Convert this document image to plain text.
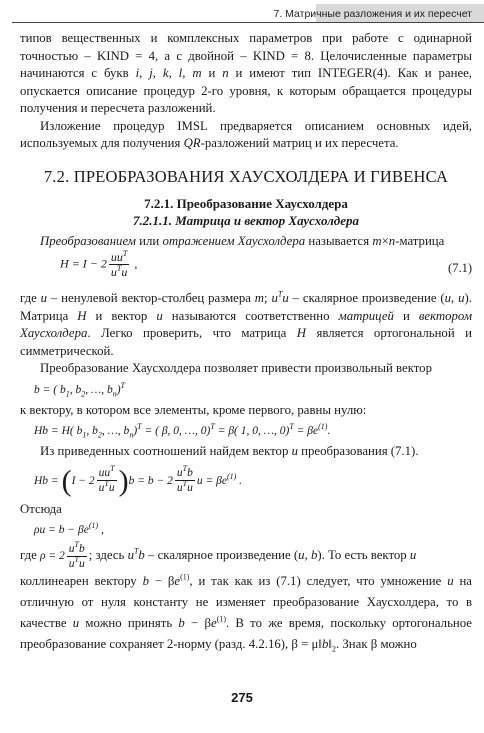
7. Матричные разложения и их пересчет

типов вещественных и комплексных параметров при работе с одинарной точностью – KIND = 4, а с двойной – KIND = 8. Целочисленные параметры начинаются с букв i, j, k, l, m и n и имеют тип INTEGER(4). Как и ранее, опускается описание процедур 2-го уровня, к которым обращается процедуры получения и пересчета разложений.

Изложение процедур IMSL предваряется описанием основных идей, используемых для получения QR-разложений матриц и их пересчета.

7.2. ПРЕОБРАЗОВАНИЯ ХАУСХОЛДЕРА И ГИВЕНСА
7.2.1. Преобразование Хаусхолдера
7.2.1.1. Матрица и вектор Хаусхолдера

Преобразованием или отражением Хаусхолдера называется m×n-матрица

$H = I - 2 \frac{uu^T}{u^Tu}$ ,	(7.1)

где u – ненулевой вектор-столбец размера m; $u^Tu$ – скалярное произведение (u, u). Матрица H и вектор u называются соответственно матрицей и вектором Хаусхолдера. Легко проверить, что матрица H является ортогональной и симметрической.

Преобразование Хаусхолдера позволяет привести произвольный вектор

b = ( $b_1$, $b_2$, …, $b_n)^T$

к вектору, в котором все элементы, кроме первого, равны нулю:

Hb = H( $b_1$, $b_2$, …, $b_n)^T$ = ( β, 0, …, 0)$^T$ = β( 1, 0, …, $0)^T = \beta e^{(1)}$.

Из приведенных соотношений найдем вектор u преобразования (7.1).

$Hb = (I - 2 \frac{uu^T}{u^Tu} )b = b - 2 \frac{u^Tb}{u^Tu}$ $u = \beta e^{(1)}$ .

Отсюда

$\rho u = b - \beta e^{(1)}$ ,

где $\rho = 2 \frac{u^Tb}{u^Tu}$ ; здесь $u^Tb$ – скалярное произведение (u, b). То есть вектор u

коллинеарен вектору $b - \beta e^{(1)}$, и так как из (7.1) следует, что умножение u на отличную от нуля константу не изменяет преобразование Хаусхолдера, то в качестве u можно принять $b - \beta e^{(1)}$. В то же время, поскольку ортогональное преобразование сохраняет 2-норму (разд. 4.2.16), $\beta = \mu‖b‖_2$. Знак β можно

275
